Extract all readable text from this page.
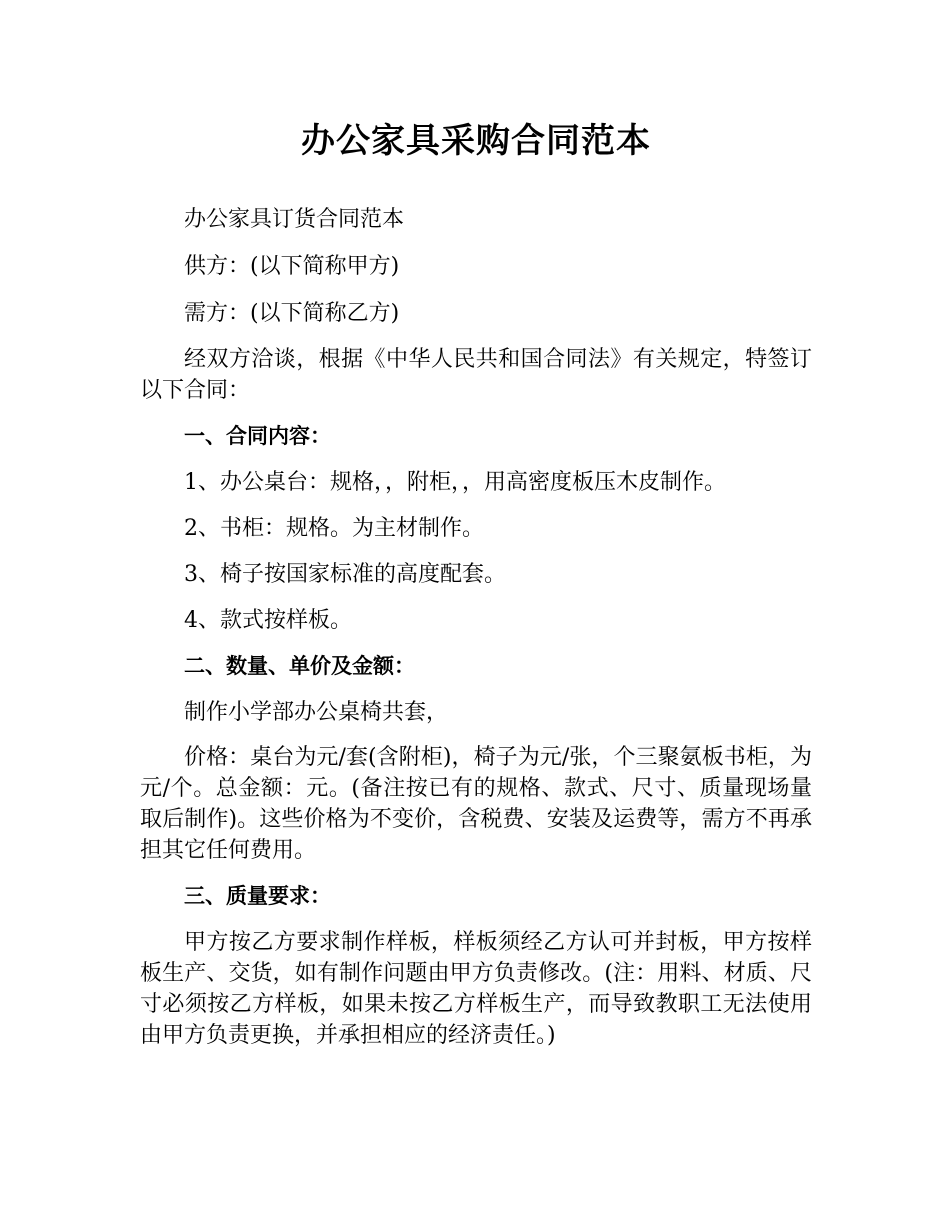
办公家具采购合同范本

办公家具订货合同范本

供方：(以下简称甲方)

需方：(以下简称乙方)

经双方洽谈，根据《中华人民共和国合同法》有关规定，特签订以下合同：

一、合同内容：

1、办公桌台：规格，，附柜，，用高密度板压木皮制作。

2、书柜：规格。为主材制作。

3、椅子按国家标准的高度配套。

4、款式按样板。

二、数量、单价及金额：

制作小学部办公桌椅共套，

价格：桌台为元/套(含附柜)，椅子为元/张，个三聚氨板书柜，为元/个。总金额：元。(备注按已有的规格、款式、尺寸、质量现场量取后制作)。这些价格为不变价，含税费、安装及运费等，需方不再承担其它任何费用。

三、质量要求：

甲方按乙方要求制作样板，样板须经乙方认可并封板，甲方按样板生产、交货，如有制作问题由甲方负责修改。(注：用料、材质、尺寸必须按乙方样板，如果未按乙方样板生产，而导致教职工无法使用由甲方负责更换，并承担相应的经济责任。)
